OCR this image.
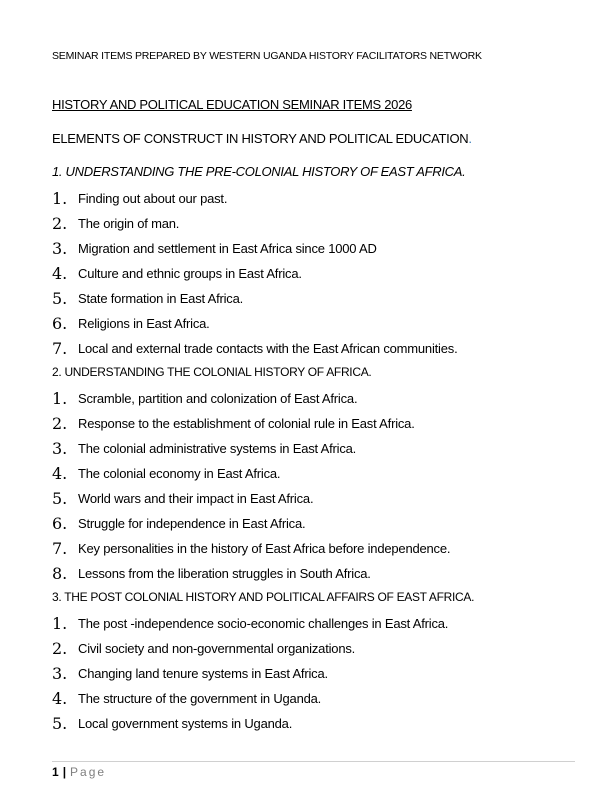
SEMINAR ITEMS PREPARED BY WESTERN UGANDA HISTORY FACILITATORS NETWORK
HISTORY AND POLITICAL EDUCATION SEMINAR ITEMS 2026
ELEMENTS OF CONSTRUCT IN HISTORY AND POLITICAL EDUCATION.
1. UNDERSTANDING THE PRE-COLONIAL HISTORY OF EAST AFRICA.
1. Finding out about our past.
2. The origin of man.
3. Migration and settlement in East Africa since 1000 AD
4. Culture and ethnic groups in East Africa.
5. State formation in East Africa.
6. Religions in East Africa.
7. Local and external trade contacts with the East African communities.
2. UNDERSTANDING THE COLONIAL HISTORY OF AFRICA.
1. Scramble, partition and colonization of East Africa.
2. Response to the establishment of colonial rule in East Africa.
3. The colonial administrative systems in East Africa.
4. The colonial economy in East Africa.
5. World wars and their impact in East Africa.
6. Struggle for independence in East Africa.
7. Key personalities in the history of East Africa before independence.
8. Lessons from the liberation struggles in South Africa.
3. THE POST COLONIAL HISTORY AND POLITICAL AFFAIRS OF EAST AFRICA.
1. The post -independence socio-economic challenges in East Africa.
2. Civil society and non-governmental organizations.
3. Changing land tenure systems in East Africa.
4. The structure of the government in Uganda.
5. Local government systems in Uganda.
1 | Page
